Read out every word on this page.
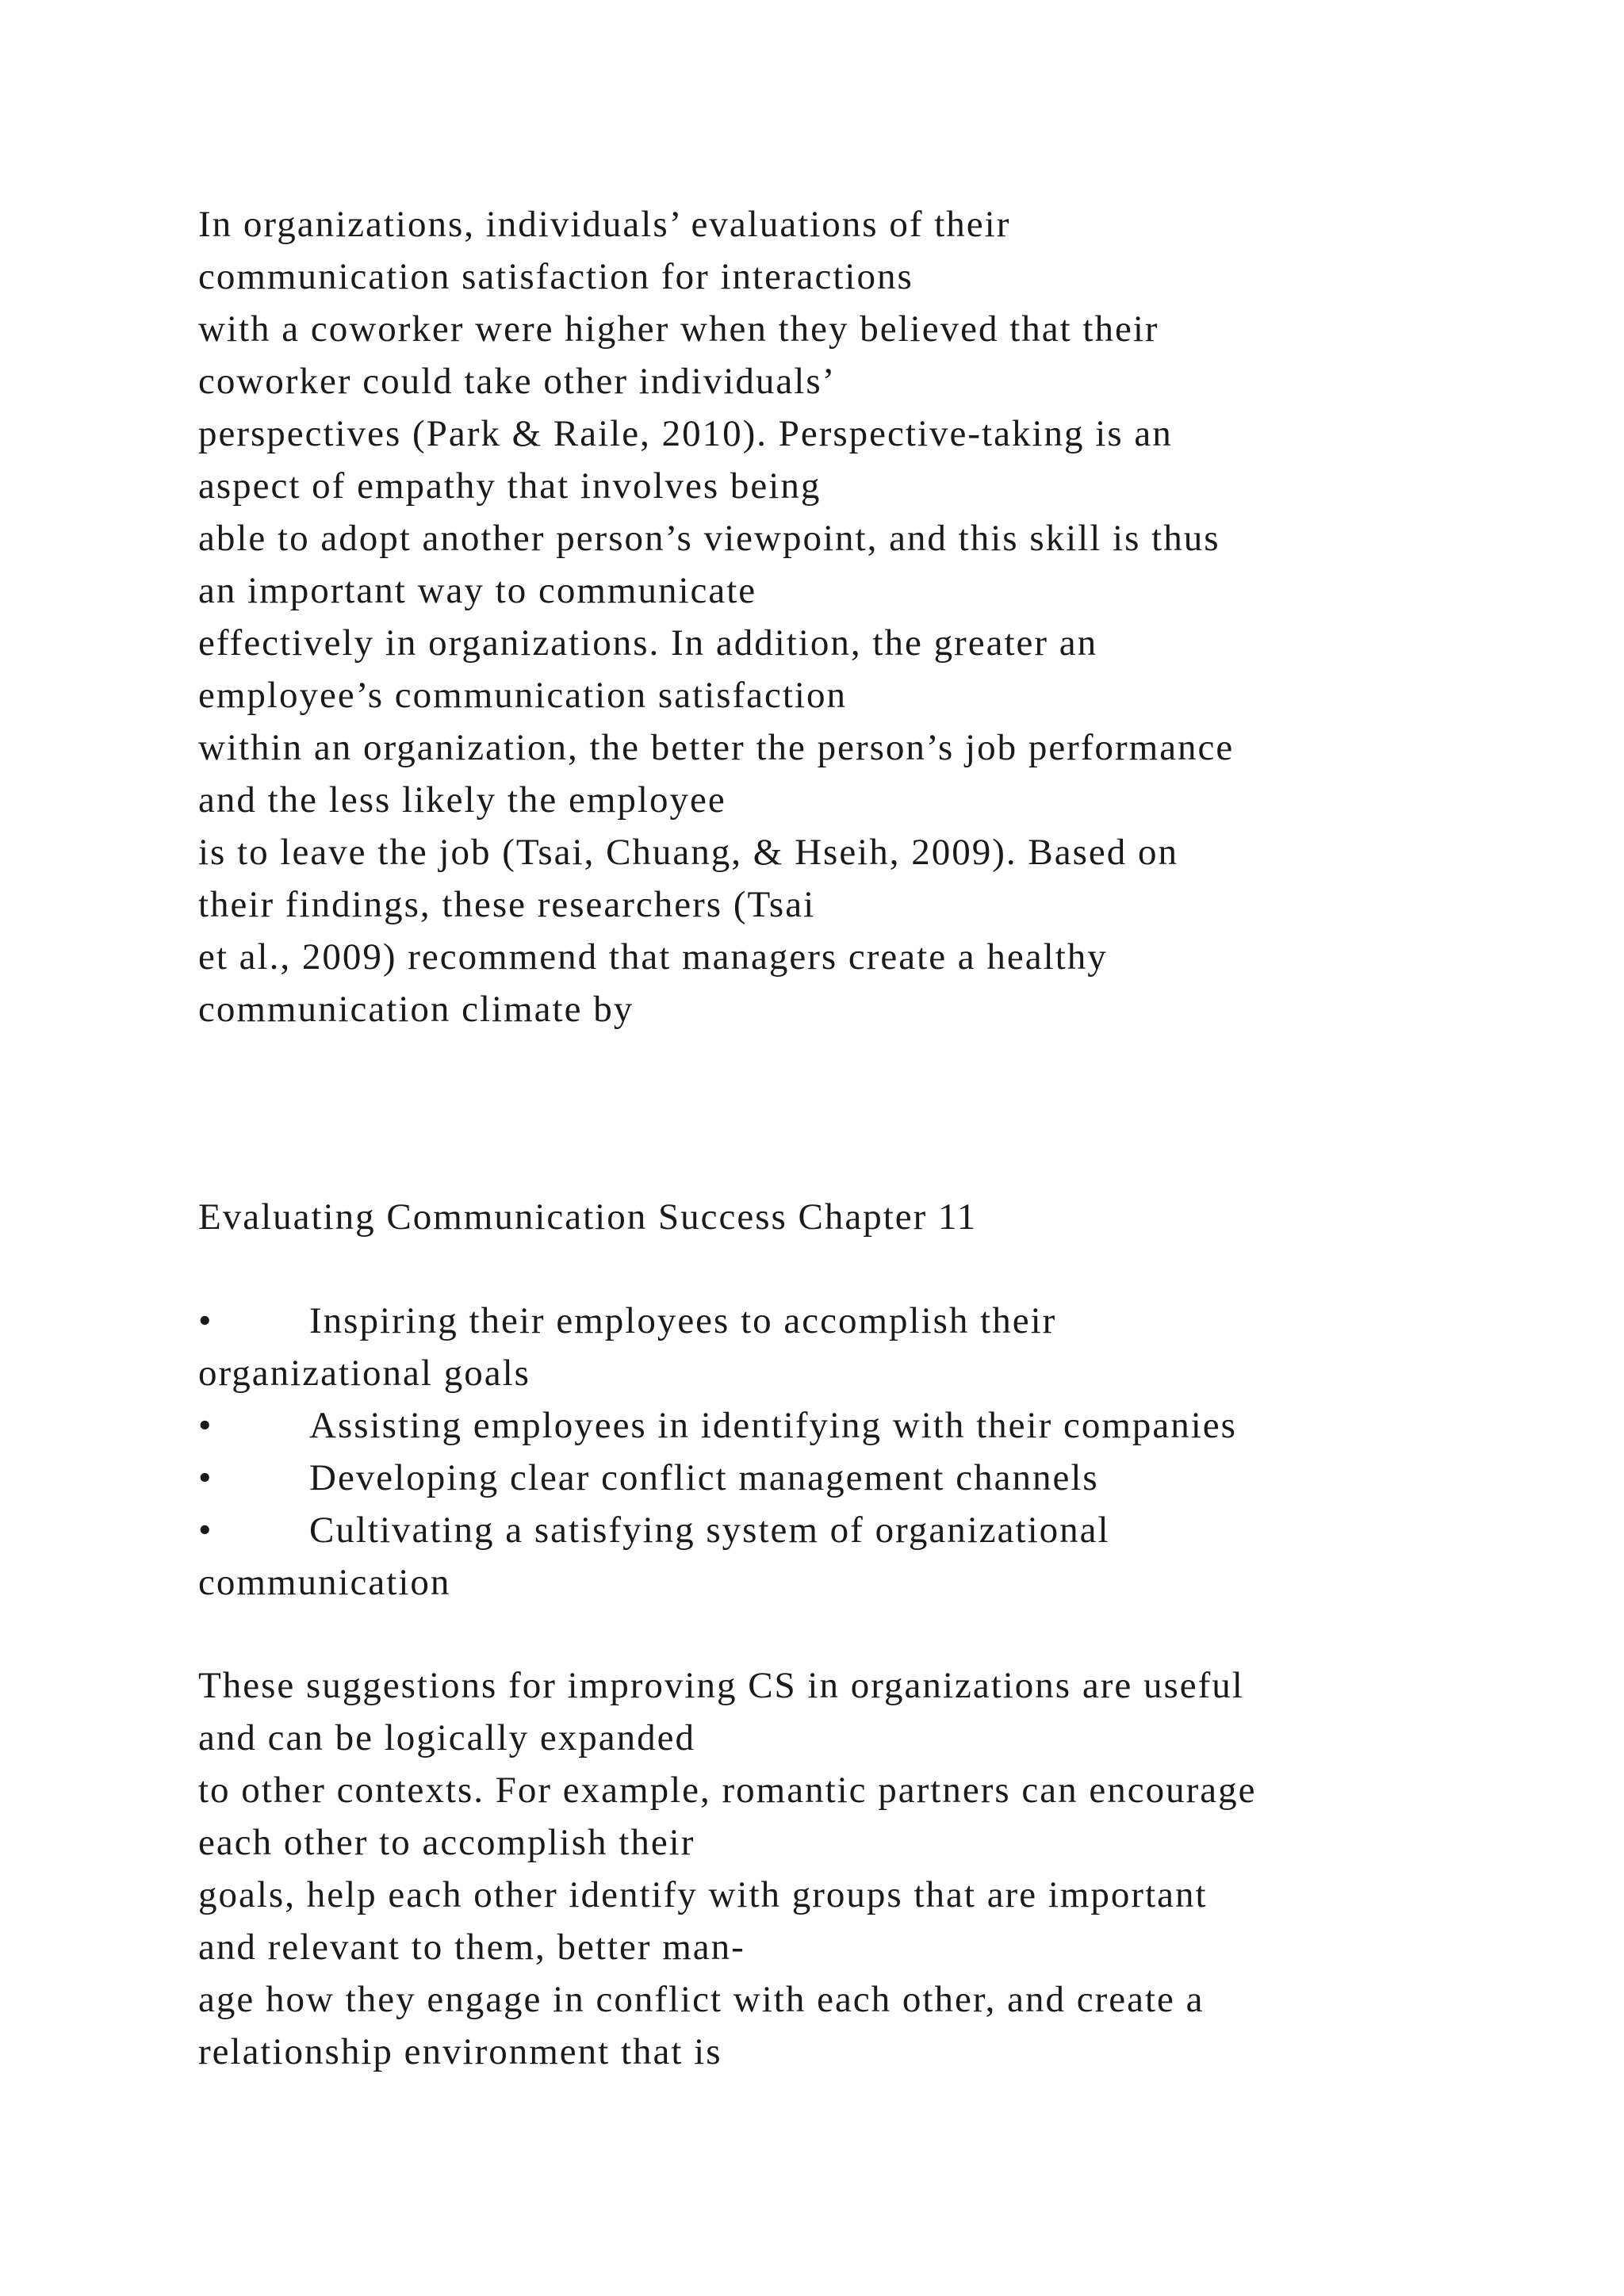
In organizations, individuals’ evaluations of their
communication satisfaction for interactions
with a coworker were higher when they believed that their
coworker could take other individuals’
perspectives (Park & Raile, 2010). Perspective-taking is an
aspect of empathy that involves being
able to adopt another person’s viewpoint, and this skill is thus
an important way to communicate
effectively in organizations. In addition, the greater an
employee’s communication satisfaction
within an organization, the better the person’s job performance
and the less likely the employee
is to leave the job (Tsai, Chuang, & Hseih, 2009). Based on
their findings, these researchers (Tsai
et al., 2009) recommend that managers create a healthy
communication climate by
Evaluating Communication Success Chapter 11
•	Inspiring their employees to accomplish their
organizational goals
•	Assisting employees in identifying with their companies
•	Developing clear conflict management channels
•	Cultivating a satisfying system of organizational
communication
These suggestions for improving CS in organizations are useful
and can be logically expanded
to other contexts. For example, romantic partners can encourage
each other to accomplish their
goals, help each other identify with groups that are important
and relevant to them, better man-
age how they engage in conflict with each other, and create a
relationship environment that is
